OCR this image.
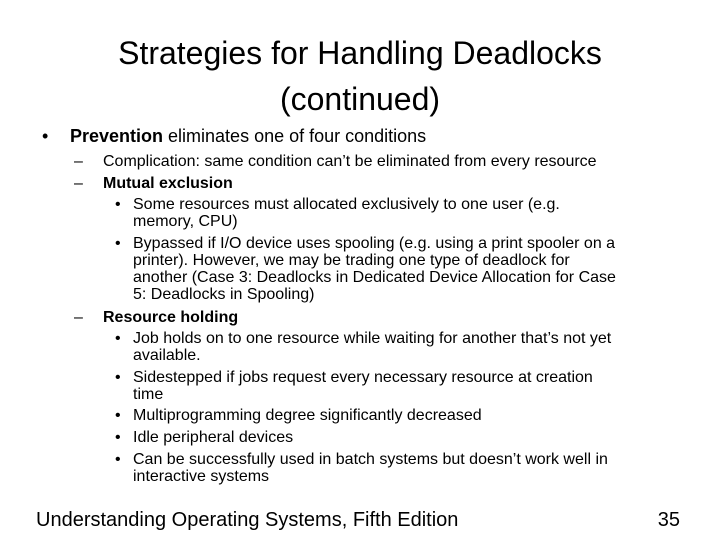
Strategies for Handling Deadlocks
(continued)
• Prevention eliminates one of four conditions
– Complication: same condition can’t be eliminated from every resource
– Mutual exclusion
• Some resources must allocated exclusively to one user (e.g.
memory, CPU)
• Bypassed if I/O device uses spooling (e.g. using a print spooler on a
printer). However, we may be trading one type of deadlock for
another (Case 3: Deadlocks in Dedicated Device Allocation for Case
5: Deadlocks in Spooling)
– Resource holding
• Job holds on to one resource while waiting for another that’s not yet
available.
• Sidestepped if jobs request every necessary resource at creation
time
• Multiprogramming degree significantly decreased
• Idle peripheral devices
• Can be successfully used in batch systems but doesn’t work well in
interactive systems
Understanding Operating Systems, Fifth Edition	35
